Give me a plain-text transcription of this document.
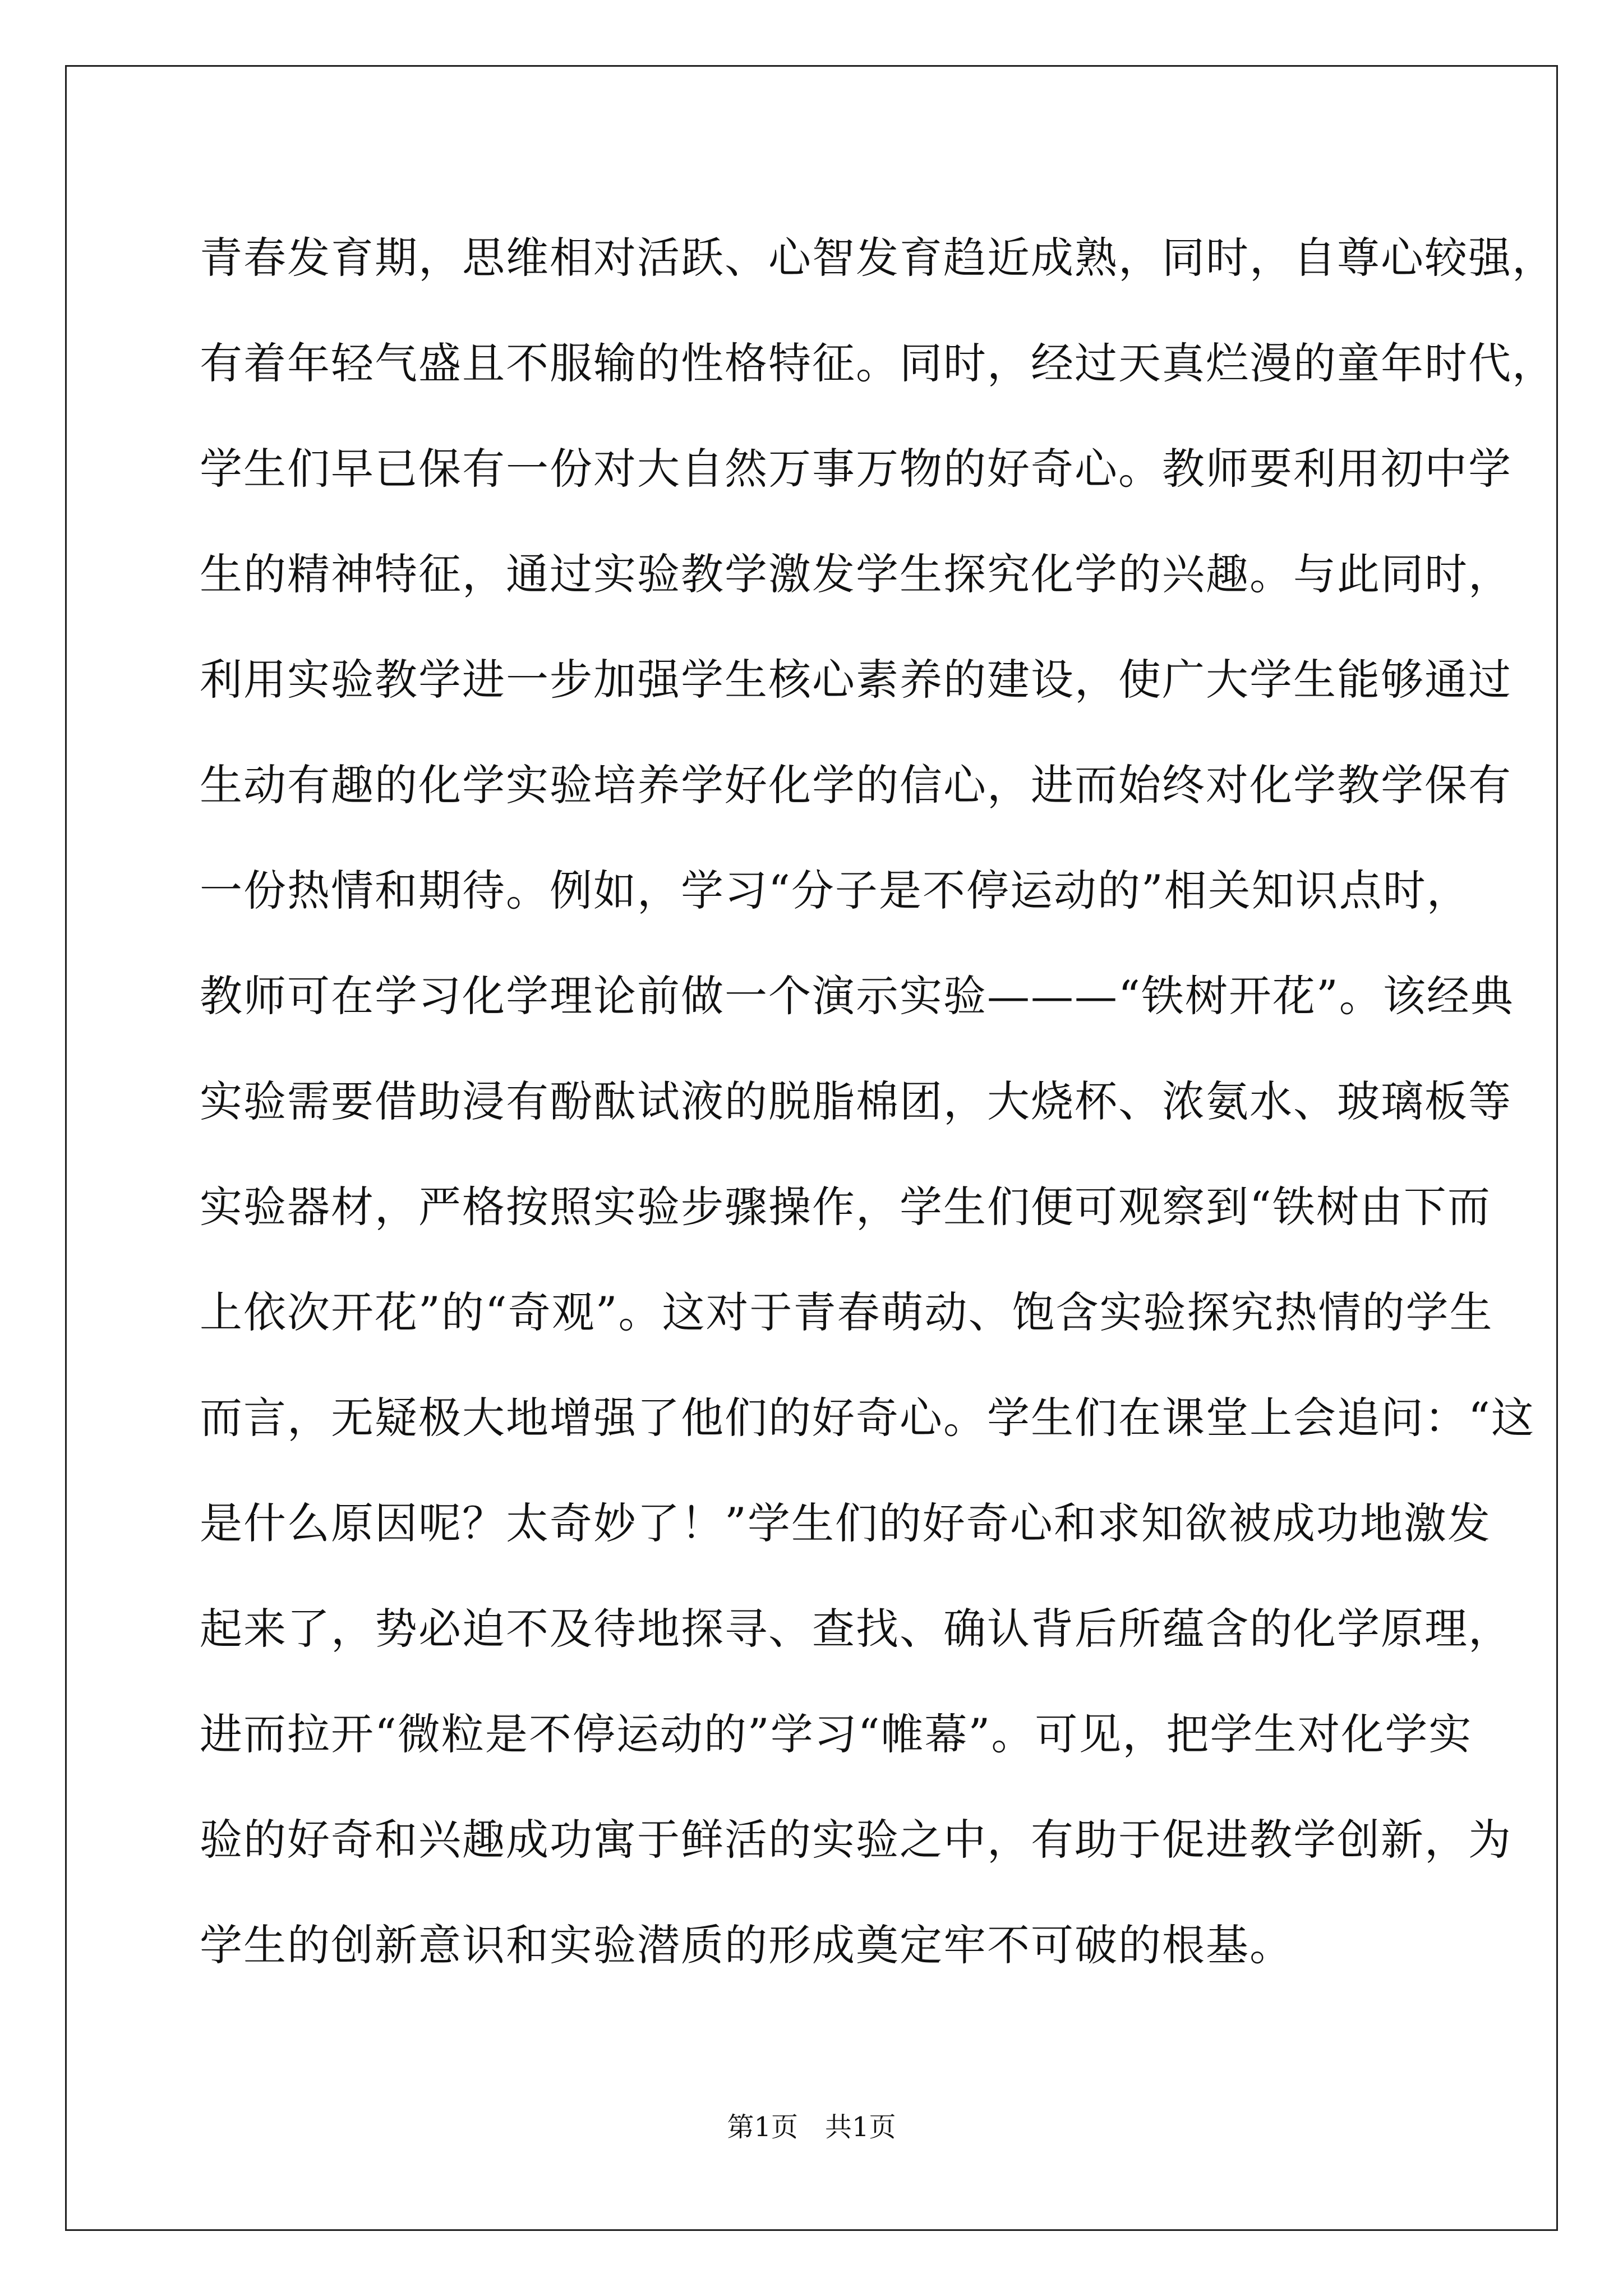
青春发育期，思维相对活跃、心智发育趋近成熟，同时，自尊心较强，
有着年轻气盛且不服输的性格特征。同时，经过天真烂漫的童年时代，
学生们早已保有一份对大自然万事万物的好奇心。教师要利用初中学
生的精神特征，通过实验教学激发学生探究化学的兴趣。与此同时，
利用实验教学进一步加强学生核心素养的建设，使广大学生能够通过
生动有趣的化学实验培养学好化学的信心，进而始终对化学教学保有
一份热情和期待。例如，学习“分子是不停运动的”相关知识点时，
教师可在学习化学理论前做一个演示实验———“铁树开花”。该经典
实验需要借助浸有酚酞试液的脱脂棉团，大烧杯、浓氨水、玻璃板等
实验器材，严格按照实验步骤操作，学生们便可观察到“铁树由下而
上依次开花”的“奇观”。这对于青春萌动、饱含实验探究热情的学生
而言，无疑极大地增强了他们的好奇心。学生们在课堂上会追问：“这
是什么原因呢？太奇妙了！”学生们的好奇心和求知欲被成功地激发
起来了，势必迫不及待地探寻、查找、确认背后所蕴含的化学原理，
进而拉开“微粒是不停运动的”学习“帷幕”。可见，把学生对化学实
验的好奇和兴趣成功寓于鲜活的实验之中，有助于促进教学创新，为
学生的创新意识和实验潜质的形成奠定牢不可破的根基。
第1页 共1页
